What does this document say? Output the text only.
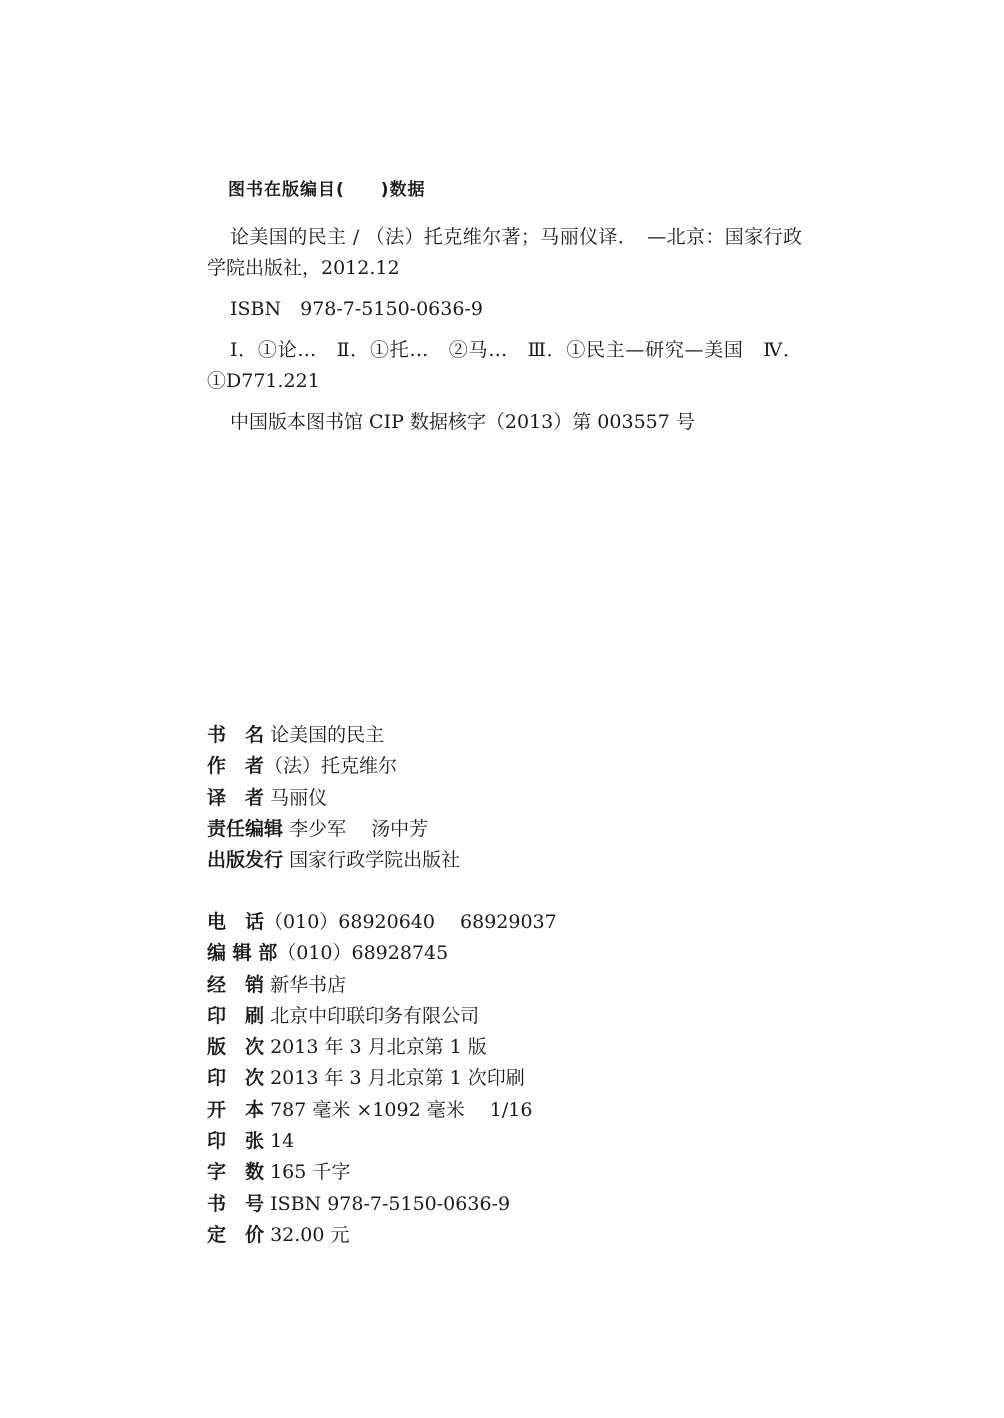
图书在版编目(　　)数据

论美国的民主 / （法）托克维尔著；马丽仪译．　—北京：国家行政学院出版社，2012.12

ISBN　978-7-5150-0636-9

Ⅰ．①论…　Ⅱ．①托…　②马…　Ⅲ．①民主—研究—美国　Ⅳ．①D771.221

中国版本图书馆 CIP 数据核字（2013）第 003557 号

书　名
论美国的民主
作　者 （法）托克维尔
译　者
马丽仪
责任编辑
李少军　 汤中芳
出版发行
国家行政学院出版社
电　话 （010）68920640　 68929037
编 辑 部 （010）68928745
经　销
新华书店
印　刷
北京中印联印务有限公司
版　次
2013 年 3 月北京第 1 版
印　次
2013 年 3 月北京第 1 次印刷
开　本
787 毫米 ×1092 毫米　 1/16
印　张
14
字　数
165 千字
书　号
ISBN 978-7-5150-0636-9
定　价
32.00 元
